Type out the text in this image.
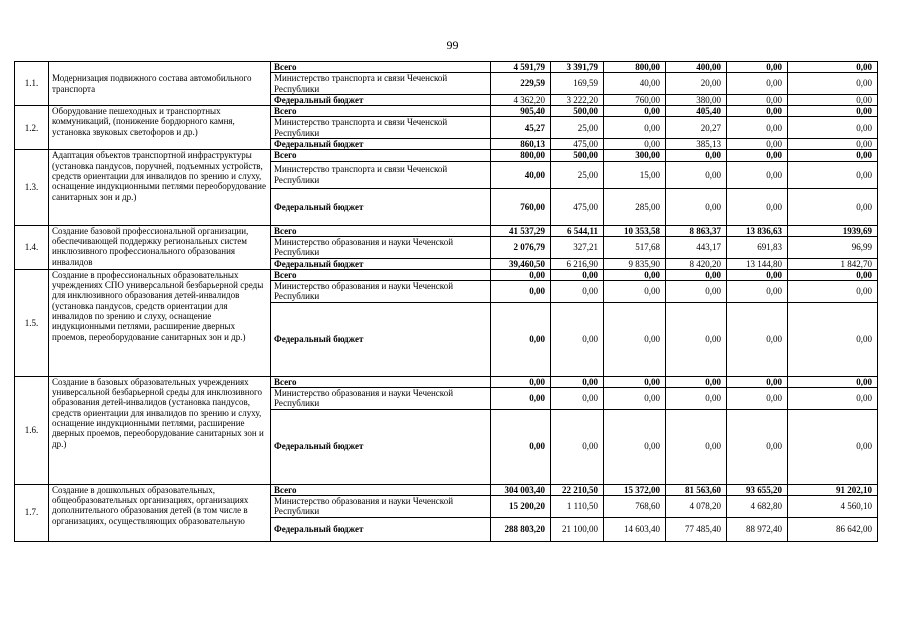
99
1.1.	Модернизация подвижного состава автомобильного транспорта	Всего	4 591,79	3 391,79	800,00	400,00	0,00	0,00
		Министерство транспорта и связи Чеченской Республики	229,59	169,59	40,00	20,00	0,00	0,00
		Федеральный бюджет	4 362,20	3 222,20	760,00	380,00	0,00	0,00
1.2.	Оборудование пешеходных и транспортных коммуникаций, (понижение бордюрного камня, установка звуковых светофоров и др.)	Всего	905,40	500,00	0,00	405,40	0,00	0,00
		Министерство транспорта и связи Чеченской Республики	45,27	25,00	0,00	20,27	0,00	0,00
		Федеральный бюджет	860,13	475,00	0,00	385,13	0,00	0,00
1.3.	Адаптация объектов транспортной инфраструктуры (установка пандусов, поручней, подъемных устройств, средств ориентации для инвалидов по зрению и слуху, оснащение индукционными петлями переоборудование санитарных зон и др.)	Всего	800,00	500,00	300,00	0,00	0,00	0,00
		Министерство транспорта и связи Чеченской Республики	40,00	25,00	15,00	0,00	0,00	0,00
		Федеральный бюджет	760,00	475,00	285,00	0,00	0,00	0,00
1.4.	Создание базовой профессиональной организации, обеспечивающей поддержку региональных систем инклюзивного профессионального образования инвалидов	Всего	41 537,29	6 544,11	10 353,58	8 863,37	13 836,63	1939,69
		Министерство образования и науки Чеченской Республики	2 076,79	327,21	517,68	443,17	691,83	96,99
		Федеральный бюджет	39,460,50	6 216,90	9 835,90	8 420,20	13 144,80	1 842,70
1.5.	Создание в профессиональных образовательных учреждениях СПО универсальной безбарьерной среды для инклюзивного образования детей-инвалидов (установка пандусов, средств ориентации для инвалидов по зрению и слуху, оснащение индукционными петлями, расширение дверных проемов, переоборудование санитарных зон и др.)	Всего	0,00	0,00	0,00	0,00	0,00	0,00
		Министерство образования и науки Чеченской Республики	0,00	0,00	0,00	0,00	0,00	0,00
		Федеральный бюджет	0,00	0,00	0,00	0,00	0,00	0,00
1.6.	Создание в базовых образовательных учреждениях универсальной безбарьерной среды для инклюзивного образования детей-инвалидов (установка пандусов, средств ориентации для инвалидов по зрению и слуху, оснащение индукционными петлями, расширение дверных проемов, переоборудование санитарных зон и др.)	Всего	0,00	0,00	0,00	0,00	0,00	0,00
		Министерство образования и науки Чеченской Республики	0,00	0,00	0,00	0,00	0,00	0,00
		Федеральный бюджет	0,00	0,00	0,00	0,00	0,00	0,00
1.7.	Создание в дошкольных образовательных, общеобразовательных организациях, организациях дополнительного образования детей (в том числе в организациях, осуществляющих образовательную	Всего	304 003,40	22 210,50	15 372,00	81 563,60	93 655,20	91 202,10
		Министерство образования и науки Чеченской Республики	15 200,20	1 110,50	768,60	4 078,20	4 682,80	4 560,10
		Федеральный бюджет	288 803,20	21 100,00	14 603,40	77 485,40	88 972,40	86 642,00
